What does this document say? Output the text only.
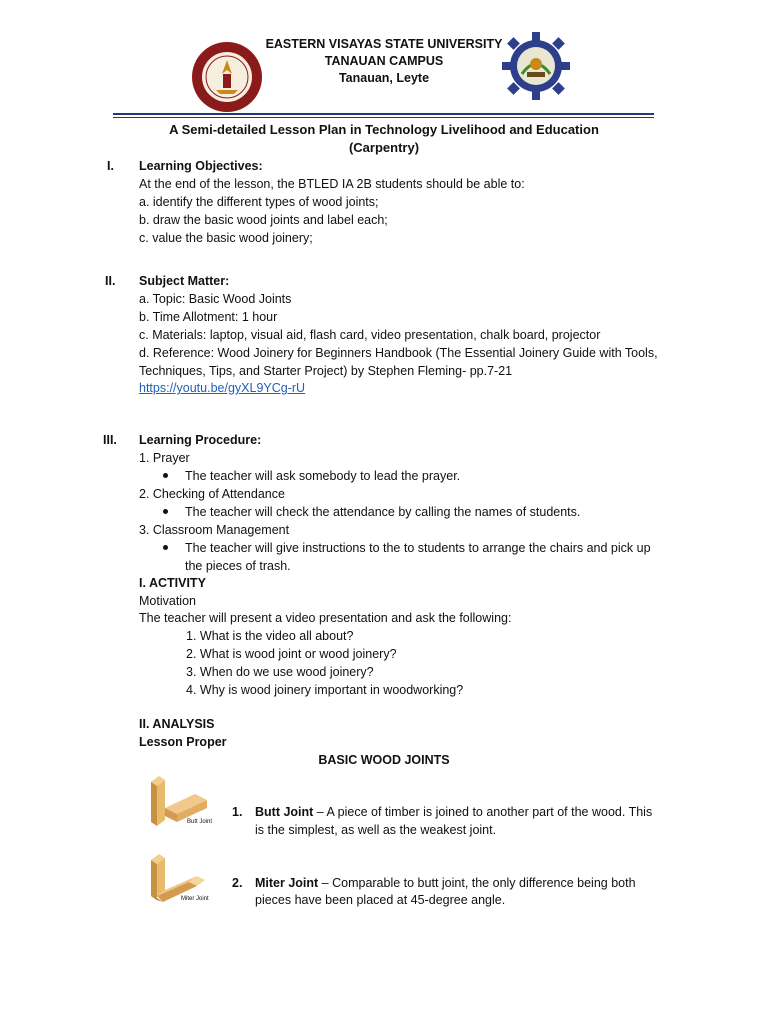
EASTERN VISAYAS STATE UNIVERSITY
TANAUAN CAMPUS
Tanauan, Leyte
A Semi-detailed Lesson Plan in Technology Livelihood and Education
(Carpentry)
I. Learning Objectives:
At the end of the lesson, the BTLED IA 2B students should be able to:
a. identify the different types of wood joints;
b. draw the basic wood joints and label each;
c. value the basic wood joinery;
II. Subject Matter:
a. Topic: Basic Wood Joints
b. Time Allotment: 1 hour
c. Materials: laptop, visual aid, flash card, video presentation, chalk board, projector
d. Reference: Wood Joinery for Beginners Handbook (The Essential Joinery Guide with Tools,
Techniques, Tips, and Starter Project) by Stephen Fleming- pp.7-21
https://youtu.be/gyXL9YCg-rU
III. Learning Procedure:
1. Prayer
The teacher will ask somebody to lead the prayer.
2. Checking of Attendance
The teacher will check the attendance by calling the names of students.
3. Classroom Management
The teacher will give instructions to the to students to arrange the chairs and pick up
the pieces of trash.
I. ACTIVITY
Motivation
The teacher will present a video presentation and ask the following:
1. What is the video all about?
2. What is wood joint or wood joinery?
3. When do we use wood joinery?
4. Why is wood joinery important in woodworking?
II. ANALYSIS
Lesson Proper
BASIC WOOD JOINTS
Butt Joint
1. Butt Joint – A piece of timber is joined to another part of the wood. This
is the simplest, as well as the weakest joint.
Miter Joint
2. Miter Joint – Comparable to butt joint, the only difference being both
pieces have been placed at 45-degree angle.
